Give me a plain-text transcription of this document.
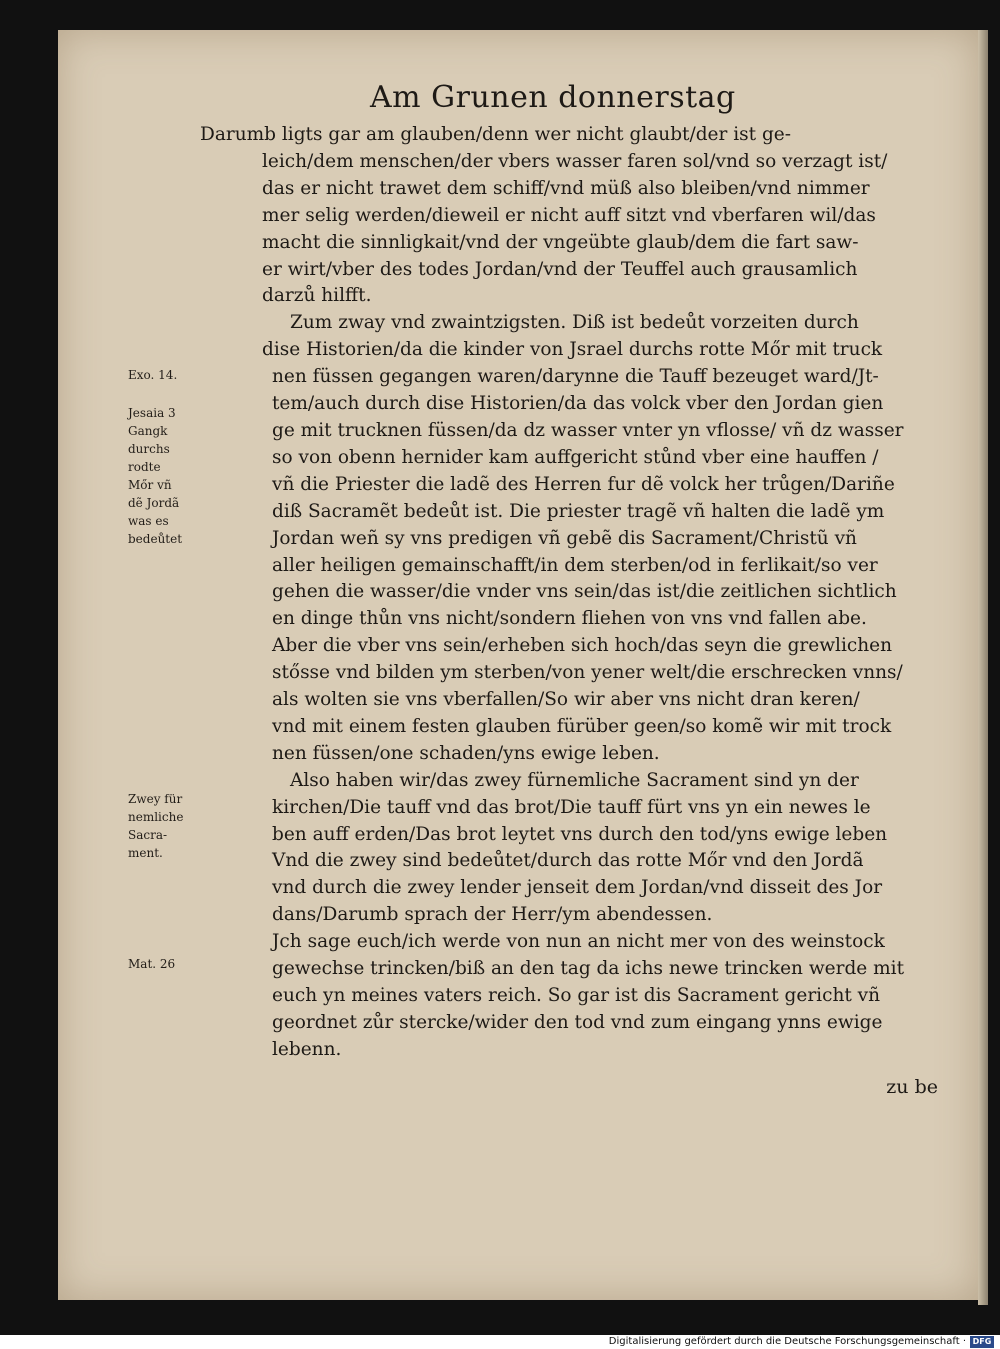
Am Grunen donnerstag
Exo. 14.
Jesaia 3
Gangk
durchs
rodte
Mőr vñ
dẽ Jordã
was es
bedeůtet
Zwey für
nemliche
Sacra-
ment.
Mat. 26
Darumb ligts gar am glauben/denn wer nicht glaubt/der ist ge-
leich/dem menschen/der vbers wasser faren sol/vnd so verzagt ist/
das er nicht trawet dem schiff/vnd müß also bleiben/vnd nimmer
mer selig werden/dieweil er nicht auff sitzt vnd vberfaren wil/das
macht die sinnligkait/vnd der vngeübte glaub/dem die fart saw-
er wirt/vber des todes Jordan/vnd der Teuffel auch grausamlich
darzů hilfft.
Zum zway vnd zwaintzigsten. Diß ist bedeůt vorzeiten durch
dise Historien/da die kinder von Jsrael durchs rotte Mőr mit truck
nen füssen gegangen waren/darynne die Tauff bezeuget ward/Jt-
tem/auch durch dise Historien/da das volck vber den Jordan gien
ge mit trucknen füssen/da dz wasser vnter yn vflosse/ vñ dz wasser
so von obenn hernider kam auffgericht stůnd vber eine hauffen /
vñ die Priester die ladẽ des Herren fur dẽ volck her trůgen/Dariñe
diß Sacramẽt bedeůt ist. Die priester tragẽ vñ halten die ladẽ ym
Jordan weñ sy vns predigen vñ gebẽ dis Sacrament/Christũ vñ
aller heiligen gemainschafft/in dem sterben/od in ferlikait/so ver
gehen die wasser/die vnder vns sein/das ist/die zeitlichen sichtlich
en dinge thůn vns nicht/sondern fliehen von vns vnd fallen abe.
Aber die vber vns sein/erheben sich hoch/das seyn die grewlichen
stősse vnd bilden ym sterben/von yener welt/die erschrecken vnns/
als wolten sie vns vberfallen/So wir aber vns nicht dran keren/
vnd mit einem festen glauben fürüber geen/so komẽ wir mit trock
nen füssen/one schaden/yns ewige leben.
Also haben wir/das zwey fürnemliche Sacrament sind yn der
kirchen/Die tauff vnd das brot/Die tauff fürt vns yn ein newes le
ben auff erden/Das brot leytet vns durch den tod/yns ewige leben
Vnd die zwey sind bedeůtet/durch das rotte Mőr vnd den Jordã
vnd durch die zwey lender jenseit dem Jordan/vnd disseit des Jor
dans/Darumb sprach der Herr/ym abendessen.
Jch sage euch/ich werde von nun an nicht mer von des weinstock
gewechse trincken/biß an den tag da ichs newe trincken werde mit
euch yn meines vaters reich. So gar ist dis Sacrament gericht vñ
geordnet zůr stercke/wider den tod vnd zum eingang ynns ewige
lebenn.
zu be
Digitalisierung gefördert durch die Deutsche Forschungsgemeinschaft · DFG
